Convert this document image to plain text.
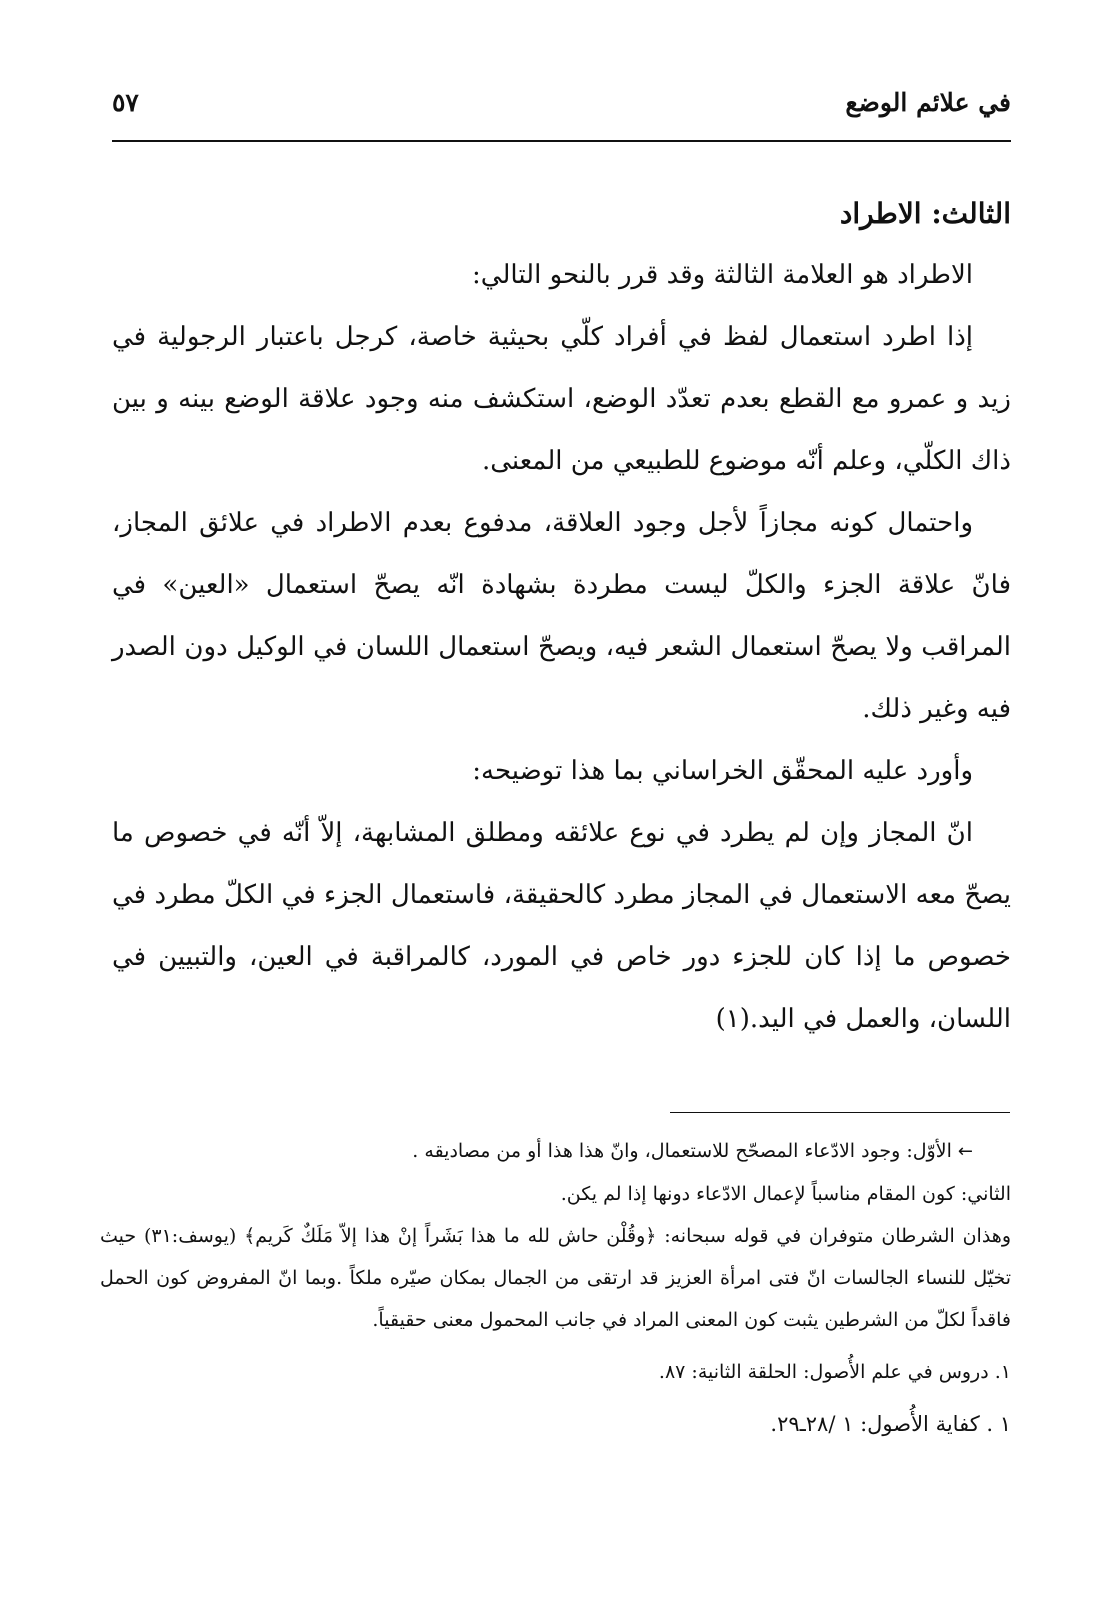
في علائم الوضع
٥٧

الثالث: الاطراد

الاطراد هو العلامة الثالثة وقد قرر بالنحو التالي:

إذا اطرد استعمال لفظ في أفراد كلّي بحيثية خاصة، كرجل باعتبار الرجولية في زيد و عمرو مع القطع بعدم تعدّد الوضع، استكشف منه وجود علاقة الوضع بينه و بين ذاك الكلّي، وعلم أنّه موضوع للطبيعي من المعنى.

واحتمال كونه مجازاً لأجل وجود العلاقة، مدفوع بعدم الاطراد في علائق المجاز، فانّ علاقة الجزء والكلّ ليست مطردة بشهادة انّه يصحّ استعمال «العين» في المراقب ولا يصحّ استعمال الشعر فيه، ويصحّ استعمال اللسان في الوكيل دون الصدر فيه وغير ذلك.

وأورد عليه المحقّق الخراساني بما هذا توضيحه:

انّ المجاز وإن لم يطرد في نوع علائقه ومطلق المشابهة، إلاّ أنّه في خصوص ما يصحّ معه الاستعمال في المجاز مطرد كالحقيقة، فاستعمال الجزء في الكلّ مطرد في خصوص ما إذا كان للجزء دور خاص في المورد، كالمراقبة في العين، والتبيين في اللسان، والعمل في اليد.(١)

← الأوّل: وجود الادّعاء المصحّح للاستعمال، وانّ هذا هذا أو من مصاديقه .

الثاني: كون المقام مناسباً لإعمال الادّعاء دونها إذا لم يكن.

وهذان الشرطان متوفران في قوله سبحانه: ﴿وقُلْن حاش لله ما هذا بَشَراً إنْ هذا إلاّ مَلَكٌ كَريم﴾ (يوسف:٣١) حيث تخيّل للنساء الجالسات انّ فتى امرأة العزيز قد ارتقى من الجمال بمكان صيّره ملكاً .وبما انّ المفروض كون الحمل فاقداً لكلّ من الشرطين يثبت كون المعنى المراد في جانب المحمول معنى حقيقياً.

١. دروس في علم الأُصول: الحلقة الثانية: ٨٧.

١ . كفاية الأُصول: ١ /٢٨ـ٢٩.
